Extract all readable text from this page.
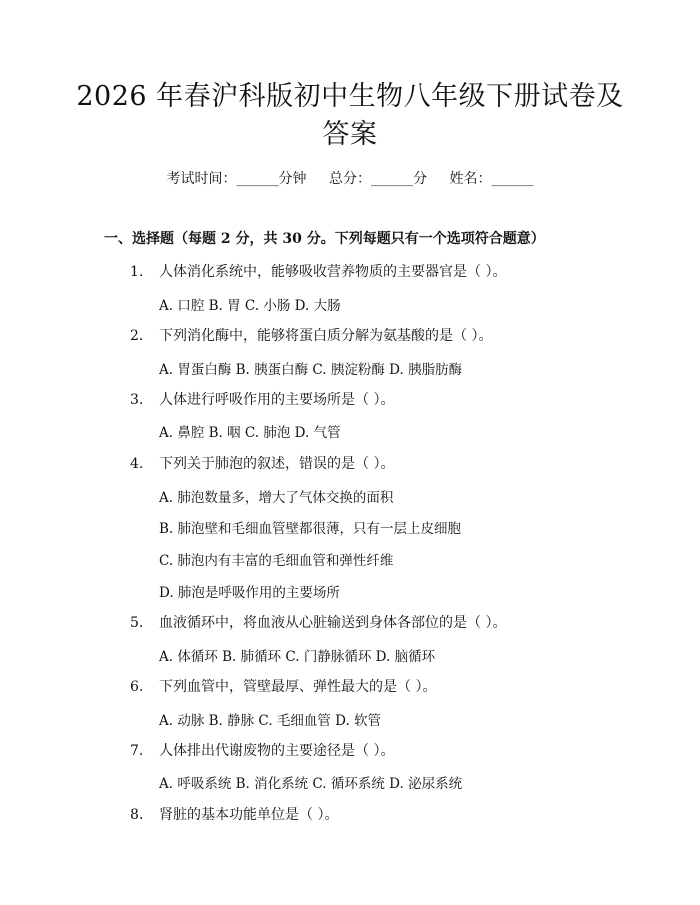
2026 年春沪科版初中生物八年级下册试卷及
答案
考试时间：______分钟 总分：______分 姓名：______
一、选择题（每题 2 分，共 30 分。下列每题只有一个选项符合题意）
1. 人体消化系统中，能够吸收营养物质的主要器官是（ ）。
A. 口腔 B. 胃 C. 小肠 D. 大肠
2. 下列消化酶中，能够将蛋白质分解为氨基酸的是（ ）。
A. 胃蛋白酶 B. 胰蛋白酶 C. 胰淀粉酶 D. 胰脂肪酶
3. 人体进行呼吸作用的主要场所是（ ）。
A. 鼻腔 B. 咽 C. 肺泡 D. 气管
4. 下列关于肺泡的叙述，错误的是（ ）。
A. 肺泡数量多，增大了气体交换的面积
B. 肺泡壁和毛细血管壁都很薄，只有一层上皮细胞
C. 肺泡内有丰富的毛细血管和弹性纤维
D. 肺泡是呼吸作用的主要场所
5. 血液循环中，将血液从心脏输送到身体各部位的是（ ）。
A. 体循环 B. 肺循环 C. 门静脉循环 D. 脑循环
6. 下列血管中，管壁最厚、弹性最大的是（ ）。
A. 动脉 B. 静脉 C. 毛细血管 D. 软管
7. 人体排出代谢废物的主要途径是（ ）。
A. 呼吸系统 B. 消化系统 C. 循环系统 D. 泌尿系统
8. 肾脏的基本功能单位是（ ）。
